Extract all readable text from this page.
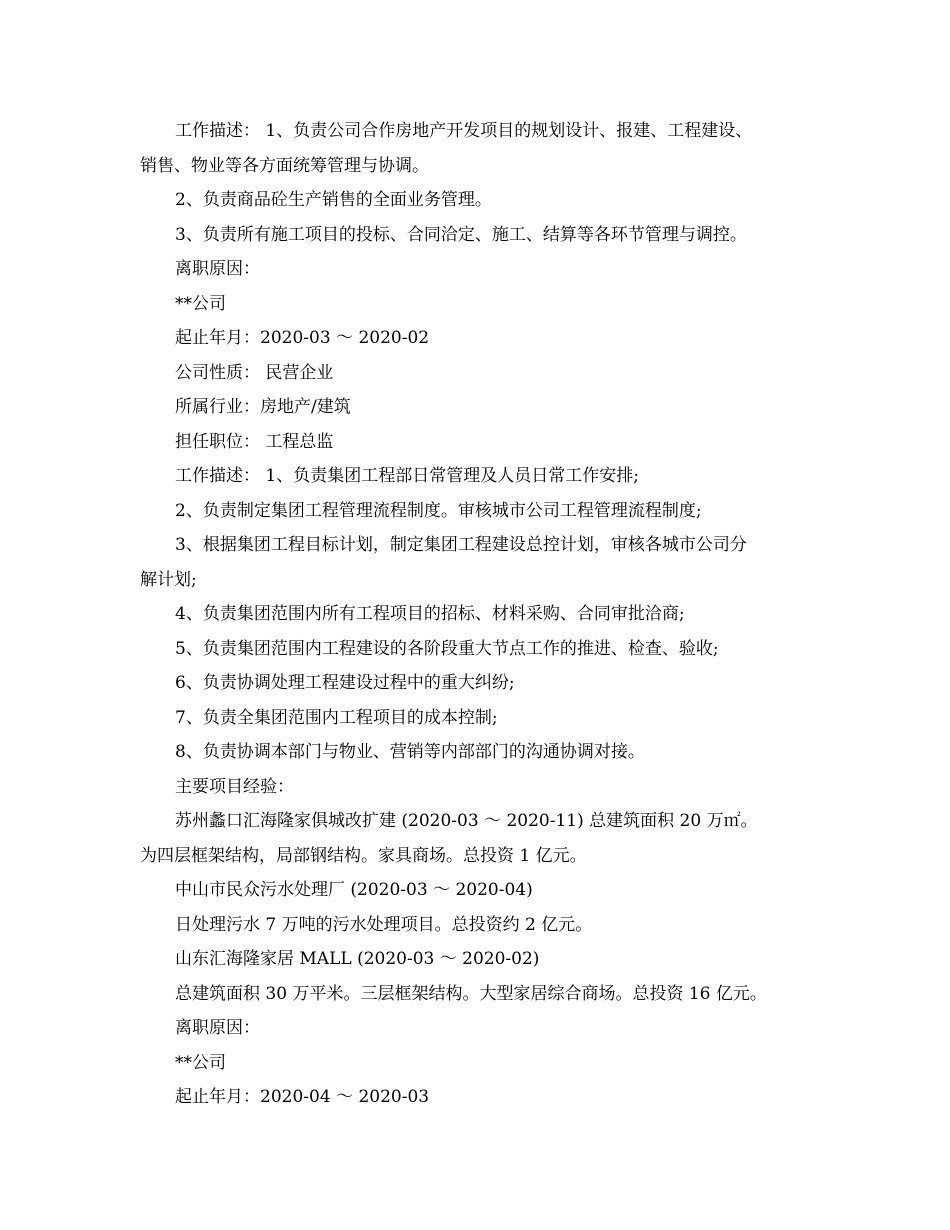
工作描述： 1、负责公司合作房地产开发项目的规划设计、报建、工程建设、
销售、物业等各方面统筹管理与协调。
2、负责商品砼生产销售的全面业务管理。
3、负责所有施工项目的投标、合同洽定、施工、结算等各环节管理与调控。
离职原因：
**公司
起止年月：2020-03 ～ 2020-02
公司性质： 民营企业
所属行业：房地产/建筑
担任职位： 工程总监
工作描述： 1、负责集团工程部日常管理及人员日常工作安排;
2、负责制定集团工程管理流程制度。审核城市公司工程管理流程制度;
3、根据集团工程目标计划，制定集团工程建设总控计划，审核各城市公司分
解计划;
4、负责集团范围内所有工程项目的招标、材料采购、合同审批洽商;
5、负责集团范围内工程建设的各阶段重大节点工作的推进、检查、验收;
6、负责协调处理工程建设过程中的重大纠纷;
7、负责全集团范围内工程项目的成本控制;
8、负责协调本部门与物业、营销等内部部门的沟通协调对接。
主要项目经验：
苏州蠡口汇海隆家俱城改扩建 (2020-03 ～ 2020-11) 总建筑面积 20 万㎡。
为四层框架结构，局部钢结构。家具商场。总投资 1 亿元。
中山市民众污水处理厂 (2020-03 ～ 2020-04)
日处理污水 7 万吨的污水处理项目。总投资约 2 亿元。
山东汇海隆家居 MALL (2020-03 ～ 2020-02)
总建筑面积 30 万平米。三层框架结构。大型家居综合商场。总投资 16 亿元。
离职原因：
**公司
起止年月：2020-04 ～ 2020-03
